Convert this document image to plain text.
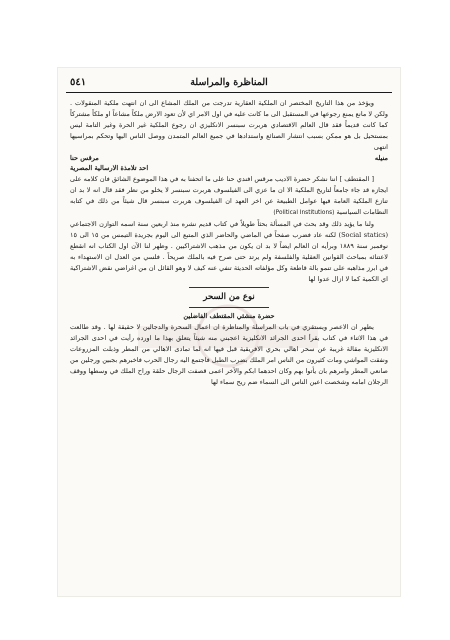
المناظرة والمراسلة
٥٤١

ويؤخذ من هذا التاريخ المختصر ان الملكية العقارية تدرجت من الملك المشاع الى ان انتهت ملكية المنقولات . ولكن لا مانع يمنع رجوعها في المستقبل الى ما كانت عليه في اول الامر اي لأن تعود الارض ملكاً مشاعاً او ملكاً مشتركاً كما كانت قديماً فقد قال العالم الاقتصادي هربرت سبنسر الانكليزي ان رجوع الملكية غير الحرة وغير التامة ليس بمستحيل بل هو ممكن بسبب انتشار الصنائع واستدادها في جميع العالم المتمدن ووصل الناس اليها وتحكم بمراسيها انتهى

منيله
مرقس حنا
احد تلامذة الارسالية المصرية

[ المقتطف ] اننا نشكر حضرة الاديب مرقس افندي حنا على ما اتحفنا به في هذا الموضوع الشائق فان كلامه على ايجازه قد جاء جامعاً لتاريخ الملكية الا ان ما عزي الى الفيلسوف هربرت سبنسر لا يخلو من نظر فقد قال انه لا بد ان تنازع الملكية العامة فيها عوامل الطبيعة عن اخر العهد ان الفيلسوف هربرت سبنسر قال شيئاً من ذلك في كتابه النظامات السياسية (Political Institutions)

ولنا ما يؤيد ذلك وقد بحث في المسألة بحثاً طويلاً في كتاب قديم نشره منذ اربعين سنة اسمه التوازن الاجتماعي (Social statics) لكنه عاد فضرب صفحاً في الماضي والحاضر الذي المتبع الى اليوم بجريدة التيمس من ١٥ الى ١٥ نوفمبر سنة ١٨٨٩ وبرأيه ان العالم ايضاً لا بد ان يكون من مذهب الاشتراكيين . وظهر لنا الآن اول الكتاب انه انقطع لاعتنائه بمباحث القوانين العقلية والفلسفة ولم يرتد حتى صرح فيه بالملك صريحاً . فلسي من العدل ان الاستهداء به في ابرز مذاهبه على تنمو بالة قاطعة وكل مؤلفاته الحديثة تنفي عنه كيف لا وهو القائل ان من اغراضي نقض الاشتراكية اي الكمية كما لا ازال عدوا لها

نوع من السحر
حضرة منشئي المقتطف الفاضلين

يظهر ان الاعصر ويستقري في باب المراسلة والمناظرة ان اعمال السحرة والدجالين لا حقيقة لها . وقد طالعت في هذا الاثناء في كتاب يقرأ احدى الجرائد الانكليزية اعجبني منه شيئاً يتعلق بهذا ما اورده رأيت في احدى الجرائد الانكليزية مقالة غريبة عن سحر اهالي بحري الافريقية قبل فيها انه لما تمادى الاهالي من المطر وذبلت المزروعات ونفقت المواشي ومات كثيرون من الناس امر الملك بضرب الطبل فاجتمع اليه رجال الحرب فاخبرهم بجبين ورجلين من صانعي المطر وامرهم بان يأتوا بهم وكان احدهما ابكم والآخر اعمى قصفت الرجال حلقة وراح الملك في وسطها ووقف الرجلان امامه وشخصت اعين الناس الى السماء ضم ريح سماء لها
